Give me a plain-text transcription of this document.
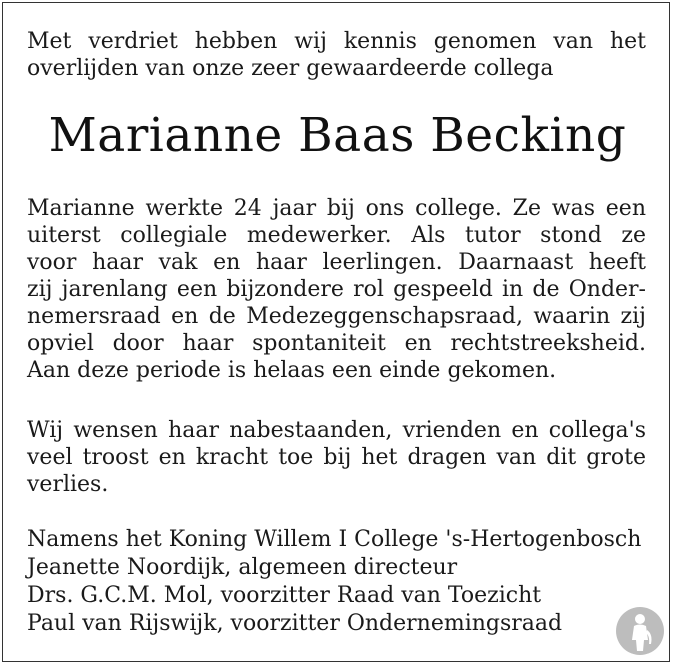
Met verdriet hebben wij kennis genomen van het
overlijden van onze zeer gewaardeerde collega
Marianne Baas Becking
Marianne werkte 24 jaar bij ons college. Ze was een
uiterst collegiale medewerker. Als tutor stond ze
voor haar vak en haar leerlingen. Daarnaast heeft
zij jarenlang een bijzondere rol gespeeld in de Onder-
nemersraad en de Medezeggenschapsraad, waarin zij
opviel door haar spontaniteit en rechtstreeksheid.
Aan deze periode is helaas een einde gekomen.
Wij wensen haar nabestaanden, vrienden en collega's
veel troost en kracht toe bij het dragen van dit grote
verlies.
Namens het Koning Willem I College 's-Hertogenbosch
Jeanette Noordijk, algemeen directeur
Drs. G.C.M. Mol, voorzitter Raad van Toezicht
Paul van Rijswijk, voorzitter Ondernemingsraad
